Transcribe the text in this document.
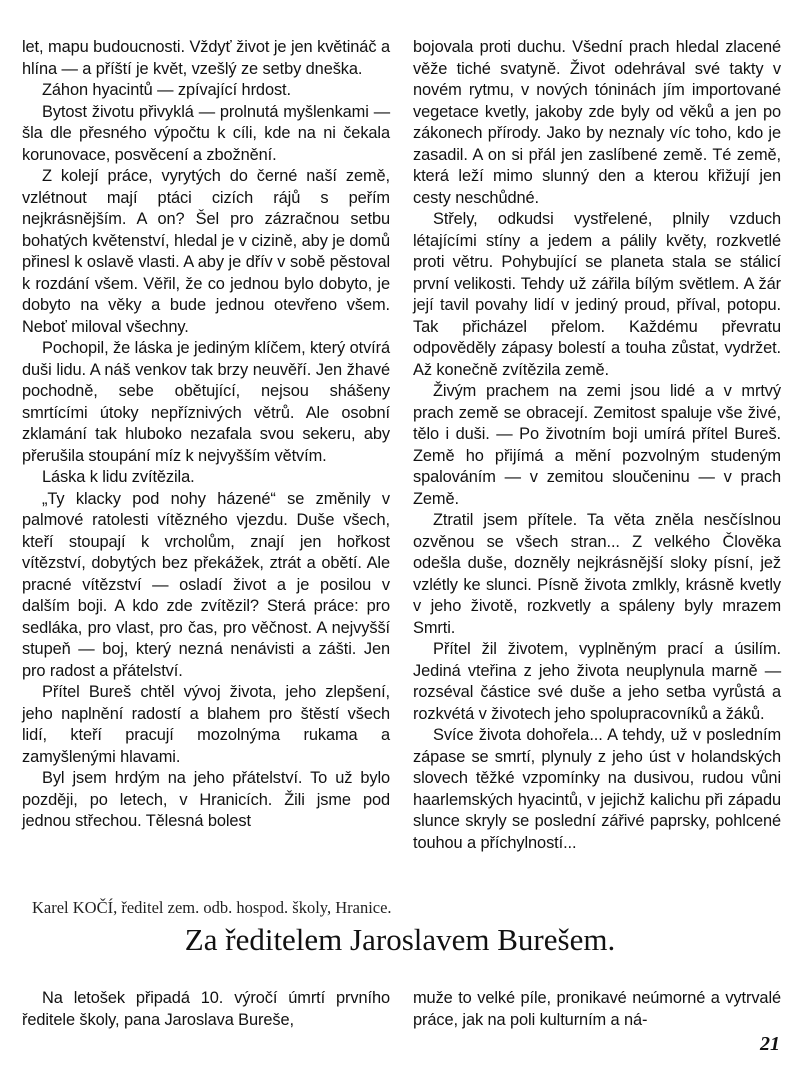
let, mapu budoucnosti. Vždyť život je jen květináč a hlína — a příští je květ, vzešlý ze setby dneška.

Záhon hyacintů — zpívající hrdost.

Bytost životu přivyklá — prolnutá myšlenkami — šla dle přesného výpočtu k cíli, kde na ni čekala korunovace, posvěcení a zbožnění.

Z kolejí práce, vyrytých do černé naší země, vzlétnout mají ptáci cizích rájů s peřím nejkrásnějším. A on? Šel pro zázračnou setbu bohatých květenství, hledal je v cizině, aby je domů přinesl k oslavě vlasti. A aby je dřív v sobě pěstoval k rozdání všem. Věřil, že co jednou bylo dobyto, je dobyto na věky a bude jednou otevřeno všem. Neboť miloval všechny.

Pochopil, že láska je jediným klíčem, který otvírá duši lidu. A náš venkov tak brzy neuvěří. Jen žhavé pochodně, sebe obětující, nejsou shášeny smrtícími útoky nepříznivých větrů. Ale osobní zklamání tak hluboko nezafala svou sekeru, aby přerušila stoupání míz k nejvyšším větvím.

Láska k lidu zvítězila.

„Ty klacky pod nohy házené“ se změnily v palmové ratolesti vítězného vjezdu. Duše všech, kteří stoupají k vrcholům, znají jen hořkost vítězství, dobytých bez překážek, ztrát a obětí. Ale pracné vítězství — osladí život a je posilou v dalším boji. A kdo zde zvítězil? Sterá práce: pro sedláka, pro vlast, pro čas, pro věčnost. A nejvyšší stupeň — boj, který nezná nenávisti a zášti. Jen pro radost a přátelství.

Přítel Bureš chtěl vývoj života, jeho zlepšení, jeho naplnění radostí a blahem pro štěstí všech lidí, kteří pracují mozolnýma rukama a zamyšlenými hlavami.

Byl jsem hrdým na jeho přátelství. To už bylo později, po letech, v Hranicích. Žili jsme pod jednou střechou. Tělesná bolest

bojovala proti duchu. Všední prach hledal zlacené věže tiché svatyně. Život odehrával své takty v novém rytmu, v nových tóninách jím importované vegetace kvetly, jakoby zde byly od věků a jen po zákonech přírody. Jako by neznaly víc toho, kdo je zasadil. A on si přál jen zaslíbené země. Té země, která leží mimo slunný den a kterou křižují jen cesty neschůdné.

Střely, odkudsi vystřelené, plnily vzduch létajícími stíny a jedem a pálily květy, rozkvetlé proti větru. Pohybující se planeta stala se stálicí první velikosti. Tehdy už zářila bílým světlem. A žár její tavil povahy lidí v jediný proud, příval, potopu. Tak přicházel přelom. Každému převratu odpověděly zápasy bolestí a touha zůstat, vydržet. Až konečně zvítězila země.

Živým prachem na zemi jsou lidé a v mrtvý prach země se obracejí. Zemitost spaluje vše živé, tělo i duši. — Po životním boji umírá přítel Bureš. Země ho přijímá a mění pozvolným studeným spalováním — v zemitou sloučeninu — v prach Země.

Ztratil jsem přítele. Ta věta zněla nesčíslnou ozvěnou se všech stran... Z velkého Člověka odešla duše, dozněly nejkrásnější sloky písní, jež vzlétly ke slunci. Písně života zmlkly, krásně kvetly v jeho životě, rozkvetly a spáleny byly mrazem Smrti.

Přítel žil životem, vyplněným prací a úsilím. Jediná vteřina z jeho života neuplynula marně — rozséval částice své duše a jeho setba vyrůstá a rozkvétá v životech jeho spolupracovníků a žáků.

Svíce života dohořela... A tehdy, už v posledním zápase se smrtí, plynuly z jeho úst v holandských slovech těžké vzpomínky na dusivou, rudou vůni haarlemských hyacintů, v jejichž kalichu při západu slunce skryly se poslední zářivé paprsky, pohlcené touhou a příchylností...

Karel KOČÍ, ředitel zem. odb. hospod. školy, Hranice.
Za ředitelem Jaroslavem Burešem.

Na letošek připadá 10. výročí úmrtí prvního ředitele školy, pana Jaroslava Bureše,

muže to velké píle, pronikavé neúmorné a vytrvalé práce, jak na poli kulturním a ná-

21
